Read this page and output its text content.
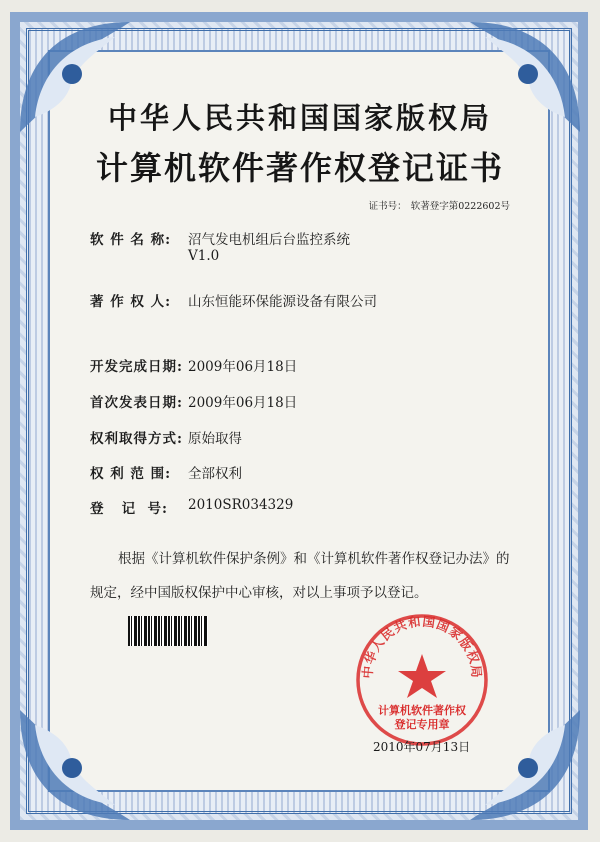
中华人民共和国国家版权局
计算机软件著作权登记证书
证书号： 软著登字第0222602号
软 件 名 称: 沼气发电机组后台监控系统
V1.0
著 作 权 人: 山东恒能环保能源设备有限公司
开发完成日期: 2009年06月18日
首次发表日期: 2009年06月18日
权利取得方式: 原始取得
权 利 范 围: 全部权利
登   记  号: 2010SR034329
根据《计算机软件保护条例》和《计算机软件著作权登记办法》的
规定，经中国版权保护中心审核，对以上事项予以登记。
中华人民共和国国家版权局
计算机软件著作权
登记专用章
2010年07月13日
